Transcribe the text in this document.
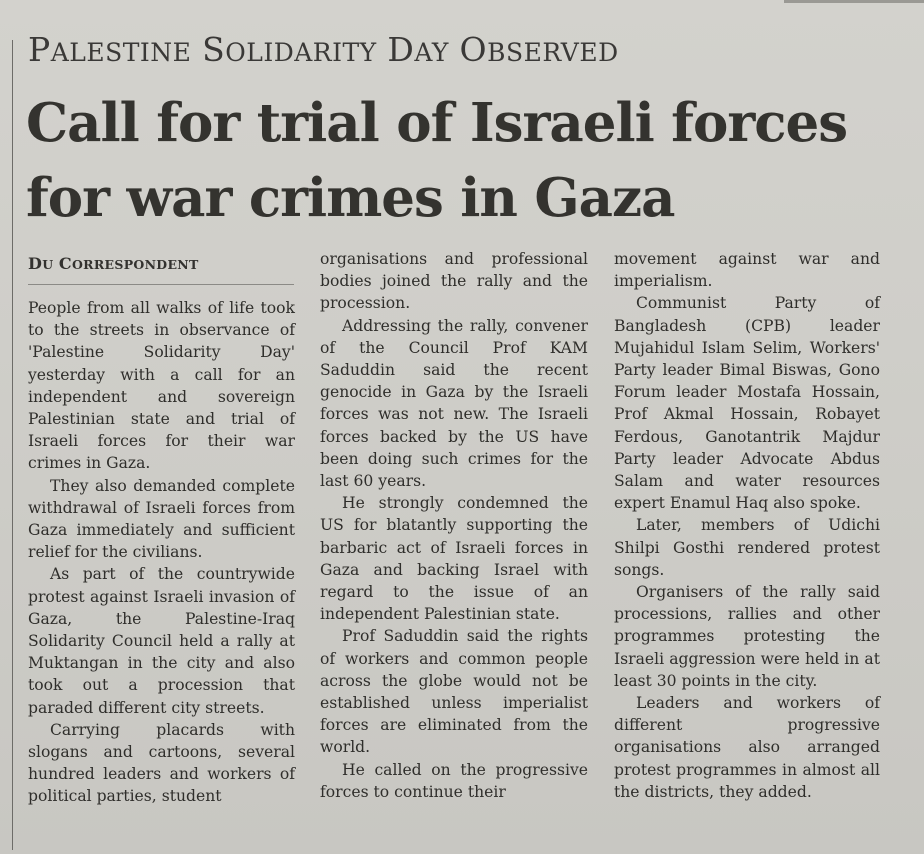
PALESTINE SOLIDARITY DAY OBSERVED
Call for trial of Israeli forces
for war crimes in Gaza
DU CORRESPONDENT

People from all walks of life took to the streets in observance of 'Palestine Solidarity Day' yesterday with a call for an independent and sovereign Palestinian state and trial of Israeli forces for their war crimes in Gaza.

They also demanded complete withdrawal of Israeli forces from Gaza immediately and sufficient relief for the civilians.

As part of the countrywide protest against Israeli invasion of Gaza, the Palestine-Iraq Solidarity Council held a rally at Muktangan in the city and also took out a procession that paraded different city streets.

Carrying placards with slogans and cartoons, several hundred leaders and workers of political parties, student

organisations and professional bodies joined the rally and the procession.

Addressing the rally, convener of the Council Prof KAM Saduddin said the recent genocide in Gaza by the Israeli forces was not new. The Israeli forces backed by the US have been doing such crimes for the last 60 years.

He strongly condemned the US for blatantly supporting the barbaric act of Israeli forces in Gaza and backing Israel with regard to the issue of an independent Palestinian state.

Prof Saduddin said the rights of workers and common people across the globe would not be established unless imperialist forces are eliminated from the world.

He called on the progressive forces to continue their

movement against war and imperialism.

Communist Party of Bangladesh (CPB) leader Mujahidul Islam Selim, Workers' Party leader Bimal Biswas, Gono Forum leader Mostafa Hossain, Prof Akmal Hossain, Robayet Ferdous, Ganotantrik Majdur Party leader Advocate Abdus Salam and water resources expert Enamul Haq also spoke.

Later, members of Udichi Shilpi Gosthi rendered protest songs.

Organisers of the rally said processions, rallies and other programmes protesting the Israeli aggression were held in at least 30 points in the city.

Leaders and workers of different progressive organisations also arranged protest programmes in almost all the districts, they added.
